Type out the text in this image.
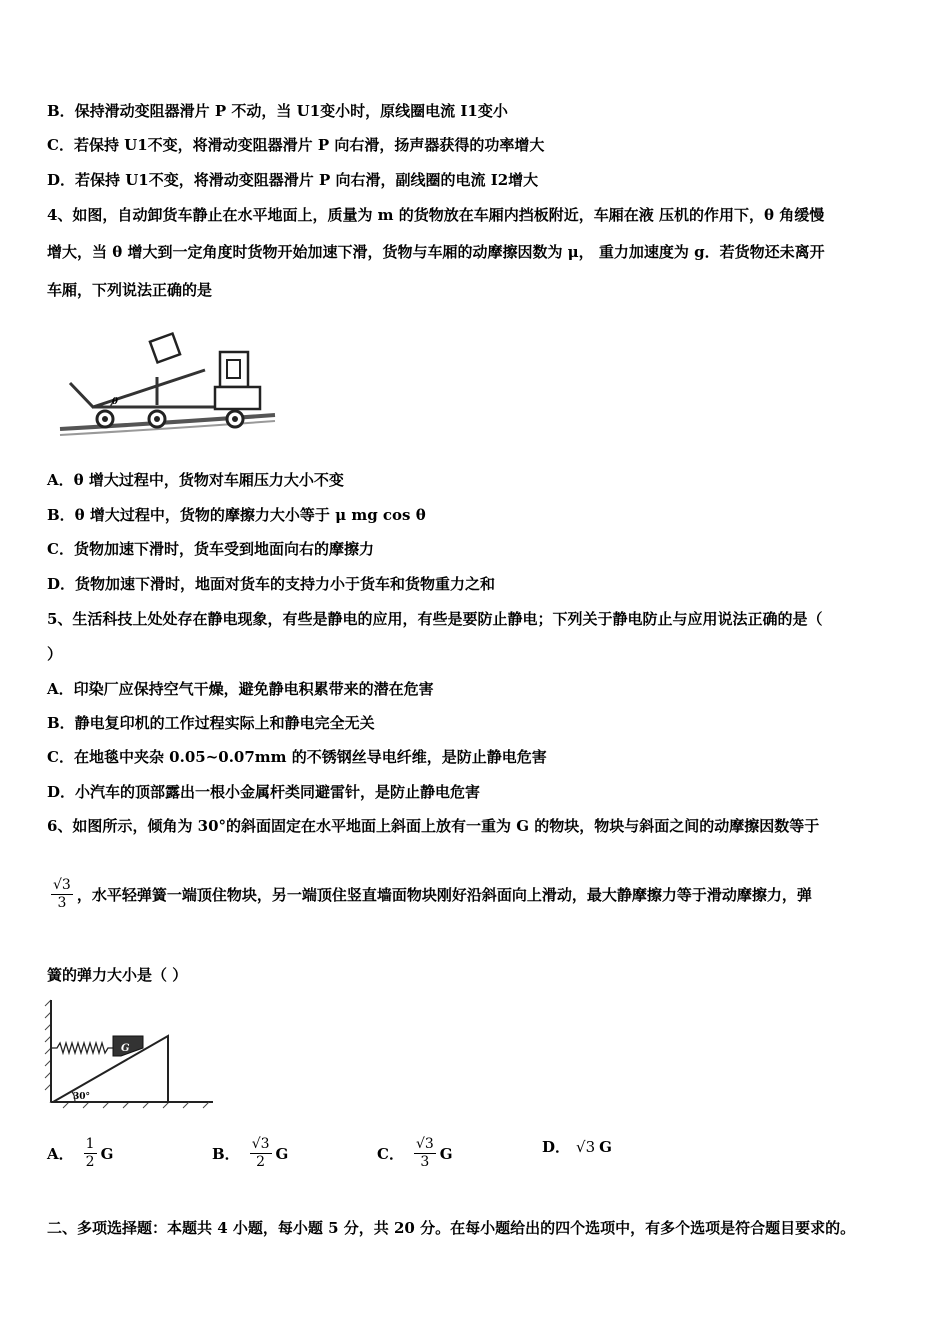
B．保持滑动变阻器滑片 P 不动，当 U1变小时，原线圈电流 I1变小
C．若保持 U1不变，将滑动变阻器滑片 P 向右滑，扬声器获得的功率增大
D．若保持 U1不变，将滑动变阻器滑片 P 向右滑，副线圈的电流 I2增大
4、如图，自动卸货车静止在水平地面上，质量为 m 的货物放在车厢内挡板附近，车厢在液 压机的作用下，θ 角缓慢
增大，当 θ 增大到一定角度时货物开始加速下滑，货物与车厢的动摩擦因数为 μ， 重力加速度为 g．若货物还未离开
车厢，下列说法正确的是
θ
A．θ 增大过程中，货物对车厢压力大小不变
B．θ 增大过程中，货物的摩擦力大小等于 μ mg cos θ
C．货物加速下滑时，货车受到地面向右的摩擦力
D．货物加速下滑时，地面对货车的支持力小于货车和货物重力之和
5、生活科技上处处存在静电现象，有些是静电的应用，有些是要防止静电；下列关于静电防止与应用说法正确的是（
）
A．印染厂应保持空气干燥，避免静电积累带来的潜在危害
B．静电复印机的工作过程实际上和静电完全无关
C．在地毯中夹杂 0.05~0.07mm 的不锈钢丝导电纤维，是防止静电危害
D．小汽车的顶部露出一根小金属杆类同避雷针，是防止静电危害
6、如图所示，倾角为 30°的斜面固定在水平地面上斜面上放有一重为 G 的物块，物块与斜面之间的动摩擦因数等于
$\frac{√3}{3}$ ，水平轻弹簧一端顶住物块，另一端顶住竖直墙面物块刚好沿斜面向上滑动，最大静摩擦力等于滑动摩擦力，弹
簧的弹力大小是（ ）
G
30°
A． $\frac{1}{2}$ G	B． $\frac{√3}{2}$ G	C． $\frac{√3}{3}$ G	D． √3 G
二、多项选择题：本题共 4 小题，每小题 5 分，共 20 分。在每小题给出的四个选项中，有多个选项是符合题目要求的。
